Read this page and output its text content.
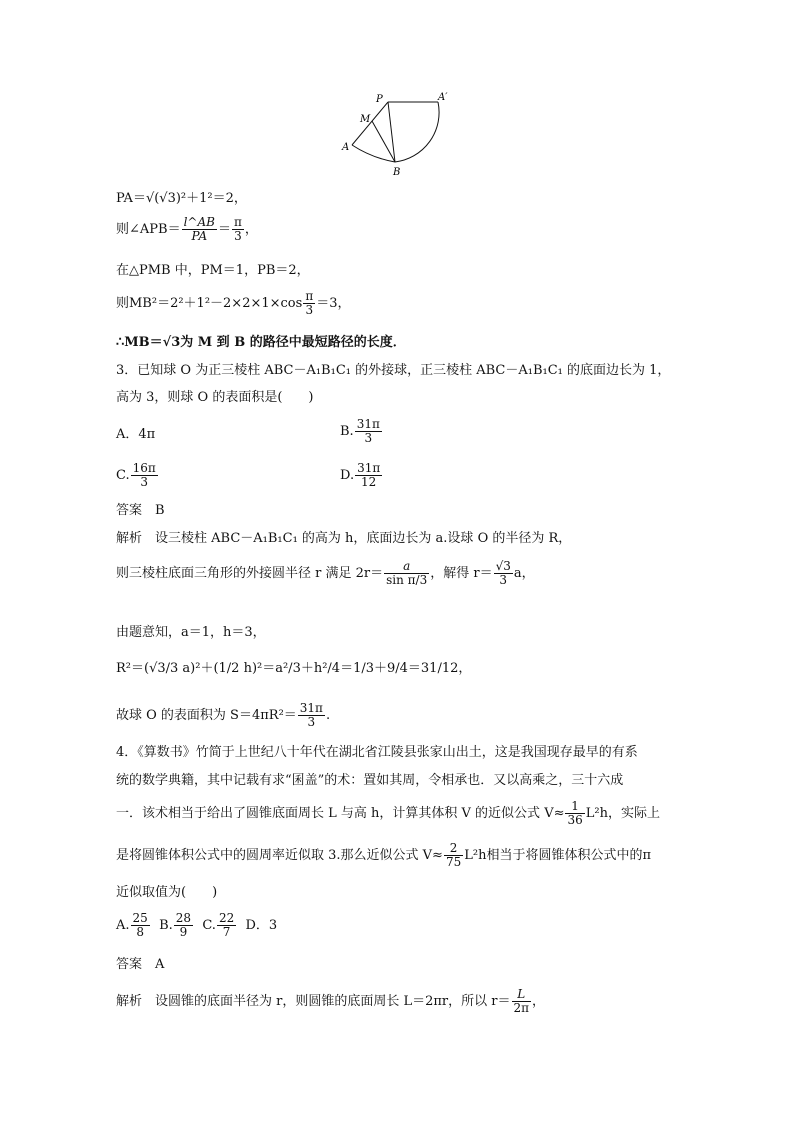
P	A′
M
A
B
PA＝√(√3)²＋1²＝2，
则∠APB＝ $\frac{l\^{}AB}{PA} = \frac{\pi}{3}$ ，
在△PMB 中，PM＝1，PB＝2，
则$MB^2=2^2+1^2-2\times 2\times 1\times\cos \frac{\pi}{3} =3$，
∴MB＝√3为 M 到 B 的路径中最短路径的长度．
3．已知球 O 为正三棱柱 ABC－A₁B₁C₁ 的外接球，正三棱柱 ABC－A₁B₁C₁ 的底面边长为 1，
高为 3，则球 O 的表面积是(　　)
A．4π	B. $\frac{31\pi}{3}$
C. $\frac{16\pi}{3}$	D. $\frac{31\pi}{12}$
答案　B
解析　设三棱柱 ABC－A₁B₁C₁ 的高为 h，底面边长为 a.设球 O 的半径为 R，
则三棱柱底面三角形的外接圆半径 r 满足 $2r= \frac{a}{\text{sin π/3}}$ ，解得 $r= \frac{√3}{3}$ a，
由题意知，a＝1，h＝3，
R²＝(√3/3 a)²＋(1/2 h)²＝a²/3＋h²/4＝1/3＋9/4＝31/12，
故球 O 的表面积为 $S=4\pi R^2= \frac{31\pi}{3}$ .
4．《算数书》竹简于上世纪八十年代在湖北省江陵县张家山出土，这是我国现存最早的有系
统的数学典籍，其中记载有求“囷盖”的术：置如其周，令相承也．又以高乘之，三十六成
一．该术相当于给出了圆锥底面周长 L 与高 h，计算其体积 V 的近似公式 $V\approx \frac{1}{36} L^2h$，实际上
是将圆锥体积公式中的圆周率近似取 3.那么近似公式 $V\approx \frac{2}{75} L^2h$相当于将圆锥体积公式中的π
近似取值为(　　)
A. $\frac{25}{8} B$. $\frac{28}{9} C$. $\frac{22}{7}$ D．3
答案　A
解析　设圆锥的底面半径为 r，则圆锥的底面周长 L＝2πr，所以 $r= \frac{L}{2\pi}$ ，
